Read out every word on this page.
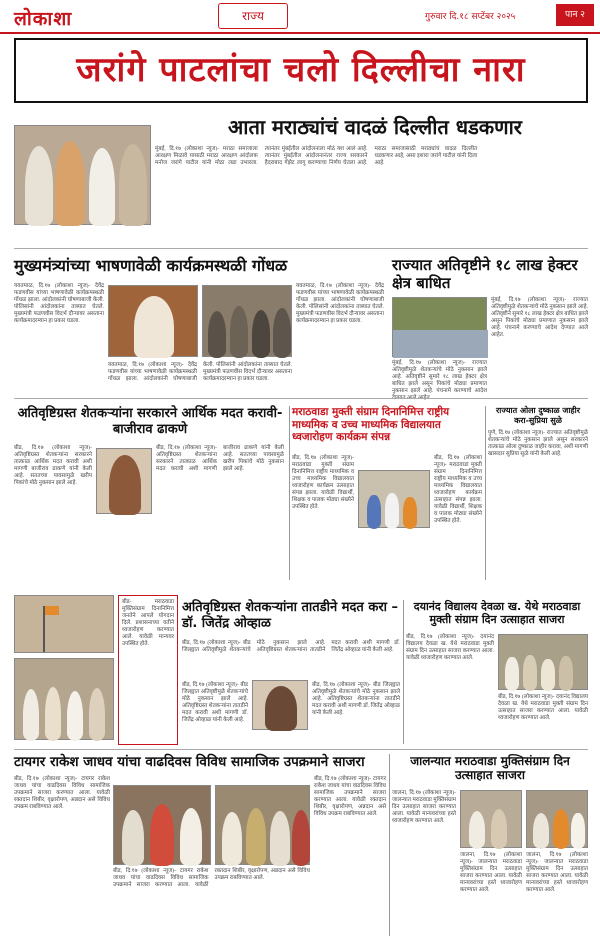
लोकाशा	राज्य	गुरुवार दि.१८ सप्टेंबर २०२५	पान २
जरांगे पाटलांचा चलो दिल्लीचा नारा
आता मराठ्यांचं वादळं दिल्लीत धडकणार
मुंबई, दि.१७ (लोकाशा न्यूज)- मराठा समाजाला आरक्षण मिळावे यासाठी मराठा आरक्षण आंदोलक मनोज जरांगे पाटील यांनी मोठा लढा उभारला. त्यानंतर मुंबईतील आंदोलनाला मोठं यश आलं आहे. त्यानंतर मुंबईतील आंदोलनानंतर राज्य सरकारने हैदराबाद गॅझेट लागू करण्याचा निर्णय घेतला आहे. मराठा समाजासाठी मराठ्यांचं वादळ दिल्लीत धडकणार आहे, असा इशारा जरांगे पाटील यांनी दिला आहे.
मुख्यमंत्र्यांच्या भाषणावेळी कार्यक्रमस्थळी गोंधळ
यवतमाळ, दि.१७ (लोकाशा न्यूज)- देवेंद्र फडणवीस यांच्या भाषणावेळी कार्यक्रमस्थळी गोंधळ झाला. आंदोलकांनी घोषणाबाजी केली. पोलिसांनी आंदोलकांना ताब्यात घेतले. मुख्यमंत्री फडणवीस विदर्भ दौऱ्यावर असताना कार्यक्रमादरम्यान हा प्रकार घडला.
यवतमाळ, दि.१७ (लोकाशा न्यूज)- देवेंद्र फडणवीस यांच्या भाषणावेळी कार्यक्रमस्थळी गोंधळ झाला. आंदोलकांनी घोषणाबाजी केली. पोलिसांनी आंदोलकांना ताब्यात घेतले. मुख्यमंत्री फडणवीस विदर्भ दौऱ्यावर असताना कार्यक्रमादरम्यान हा प्रकार घडला.
यवतमाळ, दि.१७ (लोकाशा न्यूज)- देवेंद्र फडणवीस यांच्या भाषणावेळी कार्यक्रमस्थळी गोंधळ झाला. आंदोलकांनी घोषणाबाजी केली. पोलिसांनी आंदोलकांना ताब्यात घेतले. मुख्यमंत्री फडणवीस विदर्भ दौऱ्यावर असताना कार्यक्रमादरम्यान हा प्रकार घडला.
राज्यात अतिवृष्टीने १८ लाख हेक्टर क्षेत्र बाधित
मुंबई, दि.१७ (लोकाशा न्यूज)- राज्यात अतिवृष्टीमुळे शेतकऱ्यांचे मोठे नुकसान झाले आहे. अतिवृष्टीने सुमारे १८ लाख हेक्टर क्षेत्र बाधित झाले असून पिकांचे मोठ्या प्रमाणात नुकसान झाले आहे. पंचनामे करण्याचे आदेश देण्यात आले आहेत.
मुंबई, दि.१७ (लोकाशा न्यूज)- राज्यात अतिवृष्टीमुळे शेतकऱ्यांचे मोठे नुकसान झाले आहे. अतिवृष्टीने सुमारे १८ लाख हेक्टर क्षेत्र बाधित झाले असून पिकांचे मोठ्या प्रमाणात नुकसान झाले आहे. पंचनामे करण्याचे आदेश
अतिवृष्टिग्रस्त शेतकऱ्यांना सरकारने आर्थिक मदत करावी-बाजीराव ढाकणे
बीड, दि.१७ (लोकाशा न्यूज)- अतिवृष्टिग्रस्त शेतकऱ्यांना सरकारने तात्काळ आर्थिक मदत करावी अशी मागणी बाजीराव ढाकणे यांनी केली आहे. सततच्या पावसामुळे खरीप पिकांचे मोठे नुकसान झाले आहे.
बीड, दि.१७ (लोकाशा न्यूज)- अतिवृष्टिग्रस्त शेतकऱ्यांना सरकारने तात्काळ आर्थिक मदत करावी अशी मागणी बाजीराव ढाकणे यांनी केली आहे. सततच्या पावसामुळे खरीप पिकांचे मोठे नुकसान झाले आहे.
मराठवाडा मुक्ती संग्राम दिनानिमित्त राष्ट्रीय माध्यमिक व उच्च माध्यमिक विद्यालयात ध्वजारोहण कार्यक्रम संपन्न
बीड, दि.१७ (लोकाशा न्यूज)- मराठवाडा मुक्ती संग्राम दिनानिमित्त राष्ट्रीय माध्यमिक व उच्च माध्यमिक विद्यालयात ध्वजारोहण कार्यक्रम उत्साहात संपन्न झाला. यावेळी विद्यार्थी, शिक्षक व पालक मोठ्या संख्येने उपस्थित होते.
बीड, दि.१७ (लोकाशा न्यूज)- मराठवाडा मुक्ती संग्राम दिनानिमित्त राष्ट्रीय माध्यमिक व उच्च माध्यमिक विद्यालयात ध्वजारोहण कार्यक्रम उत्साहात संपन्न झाला. यावेळी विद्यार्थी, शिक्षक व पालक मोठ्या संख्येने उपस्थित होते.
राज्यात ओला दुष्काळ जाहीर करा-सुप्रिया सुळे
पुणे, दि.१७ (लोकाशा न्यूज)- राज्यात अतिवृष्टीमुळे शेतकऱ्यांचे मोठे नुकसान झाले असून सरकारने तात्काळ ओला दुष्काळ जाहीर करावा, अशी मागणी खासदार सुप्रिया सुळे यांनी केली आहे.
बीड- मराठवाडा मुक्तिसंग्राम दिनानिमित्त जनतेने आपले योगदान दिले. प्रशासनाच्या वतीने ध्वजारोहण करण्यात आले. यावेळी मान्यवर उपस्थित होते.
अतिवृष्टिग्रस्त शेतकऱ्यांना तातडीने मदत करा – डॉ. जितेंद्र ओव्हाळ
बीड, दि.१७ (लोकाशा न्यूज)- बीड जिल्ह्यात अतिवृष्टीमुळे शेतकऱ्यांचे मोठे नुकसान झाले आहे. अतिवृष्टिग्रस्त शेतकऱ्यांना तातडीने मदत करावी अशी मागणी डॉ. जितेंद्र ओव्हाळ यांनी केली आहे.
बीड, दि.१७ (लोकाशा न्यूज)- बीड जिल्ह्यात अतिवृष्टीमुळे शेतकऱ्यांचे मोठे नुकसान झाले आहे. अतिवृष्टिग्रस्त शेतकऱ्यांना तातडीने मदत करावी अशी मागणी डॉ. जितेंद्र ओव्हाळ यांनी केली आहे.
बीड, दि.१७ (लोकाशा न्यूज)- बीड जिल्ह्यात अतिवृष्टीमुळे शेतकऱ्यांचे मोठे नुकसान झाले आहे. अतिवृष्टिग्रस्त शेतकऱ्यांना तातडीने मदत करावी अशी मागणी डॉ. जितेंद्र ओव्हाळ यांनी केली आहे.
दयानंद विद्यालय देवळा ख. येथे मराठवाडा मुक्ती संग्राम दिन उत्साहात साजरा
बीड, दि.१७ (लोकाशा न्यूज)- दयानंद विद्यालय देवळा ख. येथे मराठवाडा मुक्ती संग्राम दिन उत्साहात साजरा करण्यात आला. यावेळी ध्वजारोहण करण्यात आले.
बीड, दि.१७ (लोकाशा न्यूज)- दयानंद विद्यालय देवळा ख. येथे मराठवाडा मुक्ती संग्राम दिन उत्साहात साजरा करण्यात आला. यावेळी ध्वजारोहण करण्यात आले.
टायगर राकेश जाधव यांचा वाढदिवस विविध सामाजिक उपक्रमाने साजरा
बीड, दि.१७ (लोकाशा न्यूज)- टायगर राकेश जाधव यांचा वाढदिवस विविध सामाजिक उपक्रमाने साजरा करण्यात आला. यावेळी रक्तदान शिबीर, वृक्षारोपण, अन्नदान असे विविध उपक्रम राबविण्यात आले.
बीड, दि.१७ (लोकाशा न्यूज)- टायगर राकेश जाधव यांचा वाढदिवस विविध सामाजिक उपक्रमाने साजरा करण्यात आला. यावेळी रक्तदान शिबीर, वृक्षारोपण, अन्नदान असे विविध उपक्रम राबविण्यात आले.
बीड, दि.१७ (लोकाशा न्यूज)- टायगर राकेश जाधव यांचा वाढदिवस विविध सामाजिक उपक्रमाने साजरा करण्यात आला. यावेळी रक्तदान शिबीर, वृक्षारोपण, अन्नदान असे विविध उपक्रम राबविण्यात आले.
जालन्यात मराठवाडा मुक्तिसंग्राम दिन उत्साहात साजरा
जालना, दि.१७ (लोकाशा न्यूज)- जालन्यात मराठवाडा मुक्तिसंग्राम दिन उत्साहात साजरा करण्यात आला. यावेळी मान्यवरांच्या हस्ते ध्वजारोहण करण्यात आले.
जालना, दि.१७ (लोकाशा न्यूज)- जालन्यात मराठवाडा मुक्तिसंग्राम दिन उत्साहात साजरा करण्यात आला. यावेळी मान्यवरांच्या हस्ते ध्वजारोहण करण्यात आले.
जालना, दि.१७ (लोकाशा न्यूज)- जालन्यात मराठवाडा मुक्तिसंग्राम दिन उत्साहात साजरा करण्यात आला. यावेळी मान्यवरांच्या हस्ते ध्वजारोहण करण्यात आले.
